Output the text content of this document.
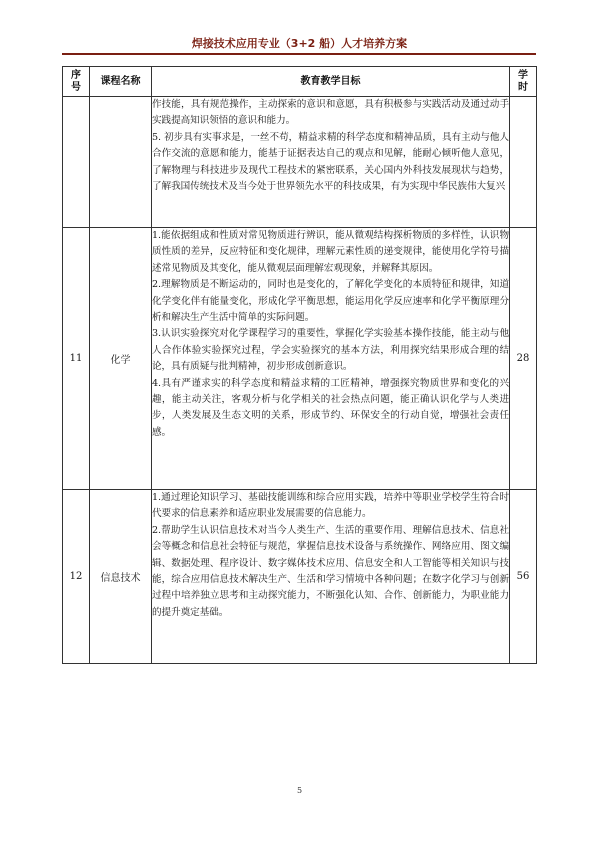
焊接技术应用专业（3+2 船）人才培养方案
序
号	课程名称	教育教学目标	学
时

		作技能，具有规范操作，主动探索的意识和意愿，具有积极参与实践活动及通过动手实践提高知识领悟的意识和能力。

5. 初步具有实事求是，一丝不苟，精益求精的科学态度和精神品质，具有主动与他人合作交流的意愿和能力，能基于证据表达自己的观点和见解，能耐心倾听他人意见，了解物理与科技进步及现代工程技术的紧密联系，关心国内外科技发展现状与趋势，了解我国传统技术及当今处于世界领先水平的科技成果，有为实现中华民族伟大复兴	

11	化学	1.能依据组成和性质对常见物质进行辨识，能从微观结构探析物质的多样性，认识物质性质的差异，反应特征和变化规律，理解元素性质的递变规律，能使用化学符号描述常见物质及其变化，能从微观层面理解宏观现象，并解释其原因。

2.理解物质是不断运动的，同时也是变化的，了解化学变化的本质特征和规律，知道化学变化伴有能量变化，形成化学平衡思想，能运用化学反应速率和化学平衡原理分析和解决生产生活中简单的实际问题。

3.认识实验探究对化学课程学习的重要性，掌握化学实验基本操作技能，能主动与他人合作体验实验探究过程，学会实验探究的基本方法，利用探究结果形成合理的结论，具有质疑与批判精神，初步形成创新意识。

4.具有严谨求实的科学态度和精益求精的工匠精神，增强探究物质世界和变化的兴趣，能主动关注，客观分析与化学相关的社会热点问题，能正确认识化学与人类进步，人类发展及生态文明的关系，形成节约、环保安全的行动自觉，增强社会责任感。	28
12	信息技术	1.通过理论知识学习、基础技能训练和综合应用实践，培养中等职业学校学生符合时代要求的信息素养和适应职业发展需要的信息能力。

2.帮助学生认识信息技术对当今人类生产、生活的重要作用、理解信息技术、信息社会等概念和信息社会特征与规范，掌握信息技术设备与系统操作、网络应用、图文编辑、数据处理、程序设计、数字媒体技术应用、信息安全和人工智能等相关知识与技能，综合应用信息技术解决生产、生活和学习情境中各种问题；在数字化学习与创新过程中培养独立思考和主动探究能力，不断强化认知、合作、创新能力，为职业能力的提升奠定基础。	56
5
